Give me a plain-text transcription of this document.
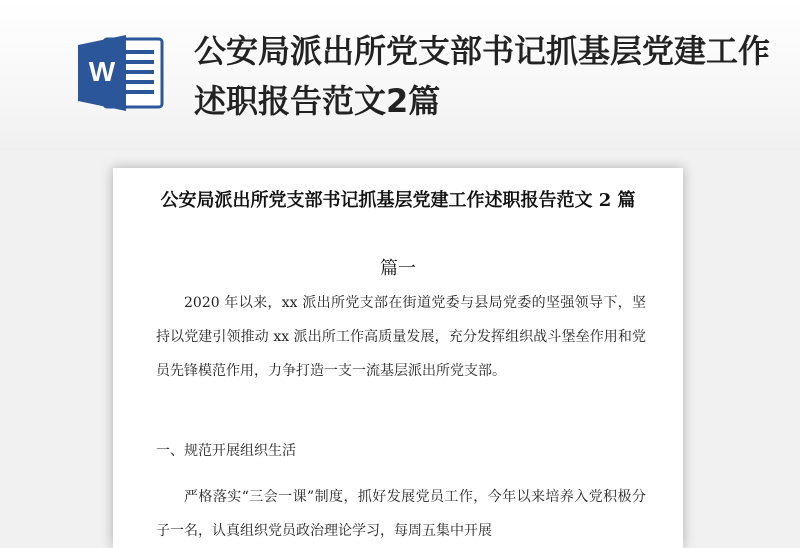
W
公安局派出所党支部书记抓基层党建工作述职报告范文2篇
公安局派出所党支部书记抓基层党建工作述职报告范文 2 篇
篇一

2020 年以来，xx 派出所党支部在街道党委与县局党委的坚强领导下，坚持以党建引领推动 xx 派出所工作高质量发展，充分发挥组织战斗堡垒作用和党员先锋模范作用，力争打造一支一流基层派出所党支部。

一、规范开展组织生活

严格落实“三会一课”制度，抓好发展党员工作，今年以来培养入党积极分子一名，认真组织党员政治理论学习，每周五集中开展
